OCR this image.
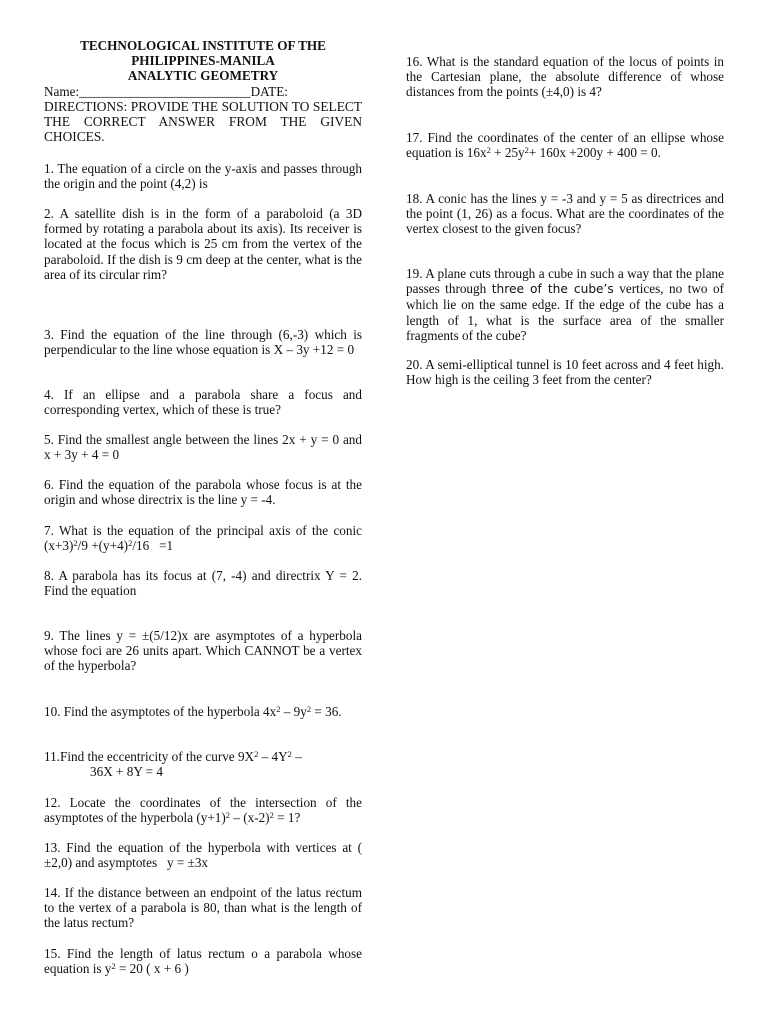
TECHNOLOGICAL INSTITUTE OF THE

PHILIPPINES-MANILA

ANALYTIC GEOMETRY

Name:__________________________DATE:

DIRECTIONS: PROVIDE THE SOLUTION TO SELECT THE CORRECT ANSWER FROM THE GIVEN CHOICES.

1. The equation of a circle on the y-axis and passes through the origin and the point (4,2) is

2. A satellite dish is in the form of a paraboloid (a 3D formed by rotating a parabola about its axis). Its receiver is located at the focus which is 25 cm from the vertex of the paraboloid. If the dish is 9 cm deep at the center, what is the area of its circular rim?

3. Find the equation of the line through (6,-3) which is perpendicular to the line whose equation is X – 3y +12 = 0

4. If an ellipse and a parabola share a focus and corresponding vertex, which of these is true?

5. Find the smallest angle between the lines 2x + y = 0 and x + 3y + 4 = 0

6. Find the equation of the parabola whose focus is at the origin and whose directrix is the line y = -4.

7. What is the equation of the principal axis of the conic $(x+3)^2/9 +(y+4)^2/16 =1$

8. A parabola has its focus at (7, -4) and directrix Y = 2. Find the equation

9. The lines y = ±(5/12)x are asymptotes of a hyperbola whose foci are 26 units apart. Which CANNOT be a vertex of the hyperbola?

10. Find the asymptotes of the hyperbola $4x^2 - 9y^2 = 36$.

11.Find the eccentricity of the curve $9X^2 - 4Y^2$ –

36X + 8Y = 4

12. Locate the coordinates of the intersection of the asymptotes of the hyperbola $(y+1)^2 - (x-2)^2 = 1$?

13. Find the equation of the hyperbola with vertices at ( ±2,0) and asymptotes   y = ±3x

14. If the distance between an endpoint of the latus rectum to the vertex of a parabola is 80, than what is the length of the latus rectum?

15. Find the length of latus rectum o a parabola whose equation is $y^2 = 20$ ( x + 6 )

16. What is the standard equation of the locus of points in the Cartesian plane, the absolute difference of whose distances from the points (±4,0) is 4?

17. Find the coordinates of the center of an ellipse whose equation is $16x^2 + 25y^2+ 160x +200y + 400 = 0$.

18. A conic has the lines y = -3 and y = 5 as directrices and the point (1, 26) as a focus. What are the coordinates of the vertex closest to the given focus?

19. A plane cuts through a cube in such a way that the plane passes through three of the cube’s vertices, no two of which lie on the same edge. If the edge of the cube has a length of 1, what is the surface area of the smaller fragments of the cube?

20. A semi-elliptical tunnel is 10 feet across and 4 feet high. How high is the ceiling 3 feet from the center?
